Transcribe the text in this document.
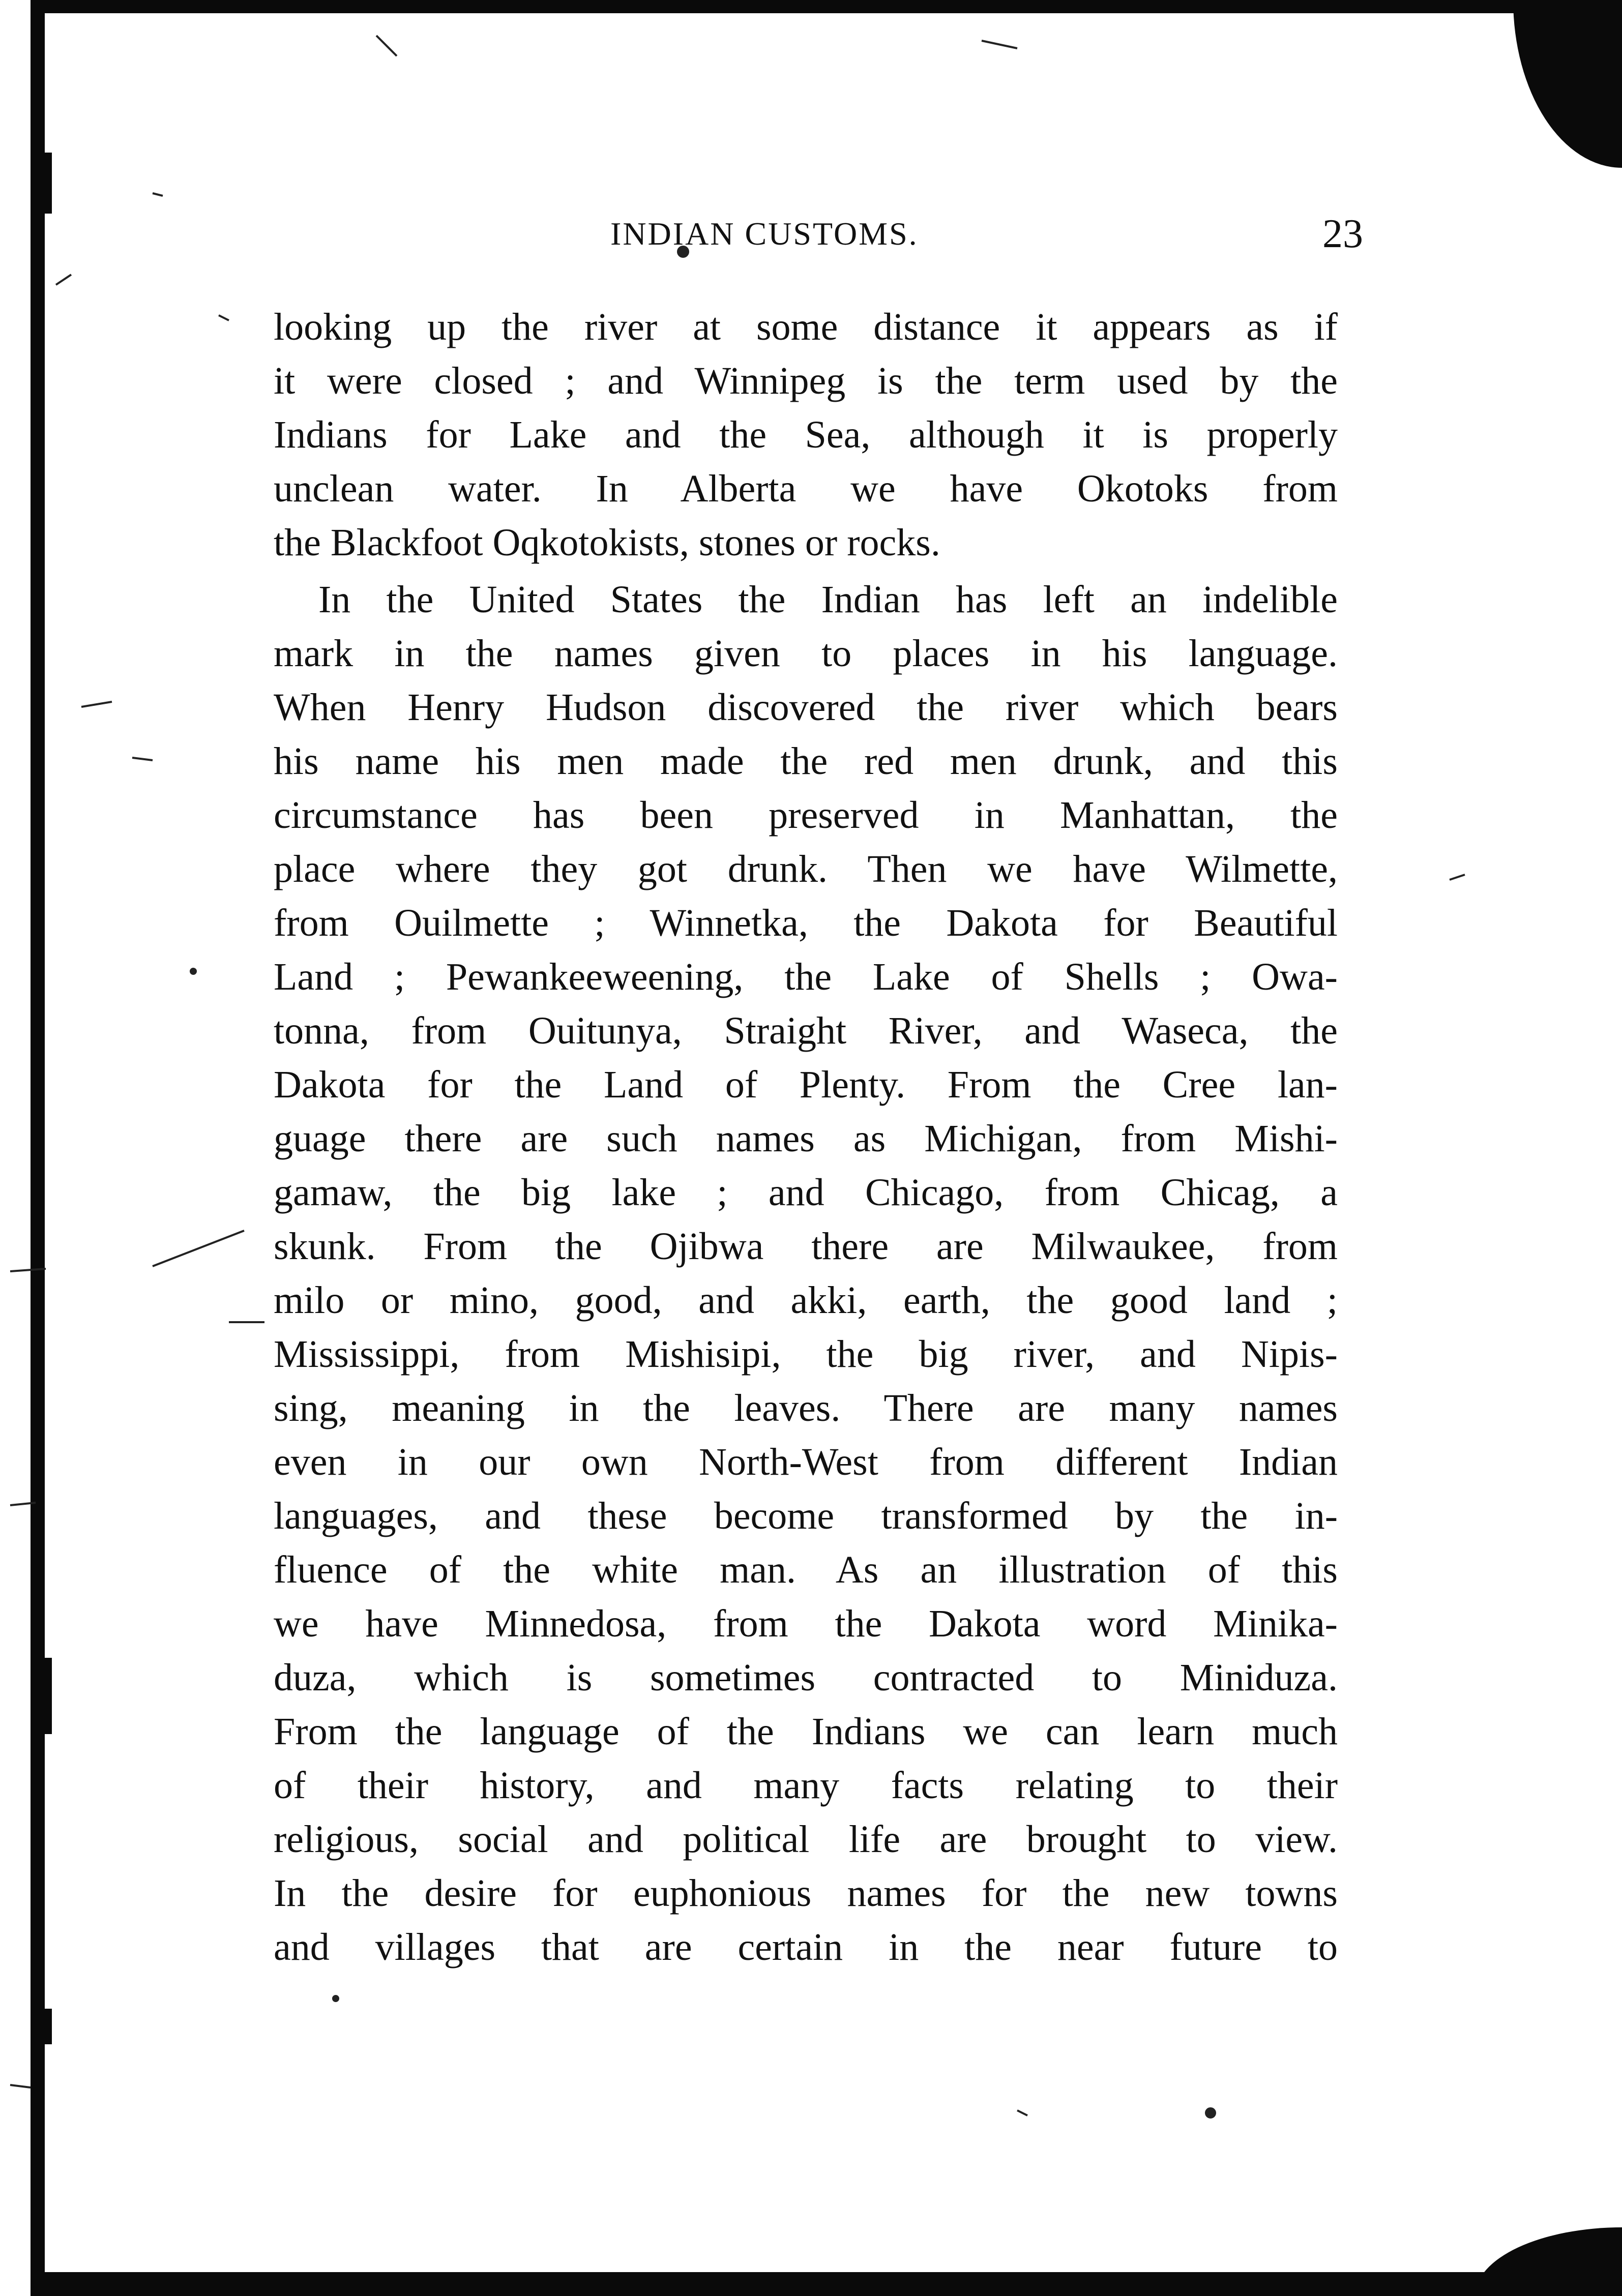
INDIAN CUSTOMS.	23
looking up the river at some distance it appears as if
it were closed ; and Winnipeg is the term used by the
Indians for Lake and the Sea, although it is properly
unclean water. In Alberta we have Okotoks from
the Blackfoot Oqkotokists, stones or rocks.
In the United States the Indian has left an indelible
mark in the names given to places in his language.
When Henry Hudson discovered the river which bears
his name his men made the red men drunk, and this
circumstance has been preserved in Manhattan, the
place where they got drunk. Then we have Wilmette,
from Ouilmette ; Winnetka, the Dakota for Beautiful
Land ; Pewankeeweening, the Lake of Shells ; Owa-
tonna, from Ouitunya, Straight River, and Waseca, the
Dakota for the Land of Plenty. From the Cree lan-
guage there are such names as Michigan, from Mishi-
gamaw, the big lake ; and Chicago, from Chicag, a
skunk. From the Ojibwa there are Milwaukee, from
milo or mino, good, and akki, earth, the good land ;
Mississippi, from Mishisipi, the big river, and Nipis-
sing, meaning in the leaves. There are many names
even in our own North-West from different Indian
languages, and these become transformed by the in-
fluence of the white man. As an illustration of this
we have Minnedosa, from the Dakota word Minika-
duza, which is sometimes contracted to Miniduza.
From the language of the Indians we can learn much
of their history, and many facts relating to their
religious, social and political life are brought to view.
In the desire for euphonious names for the new towns
and villages that are certain in the near future to
